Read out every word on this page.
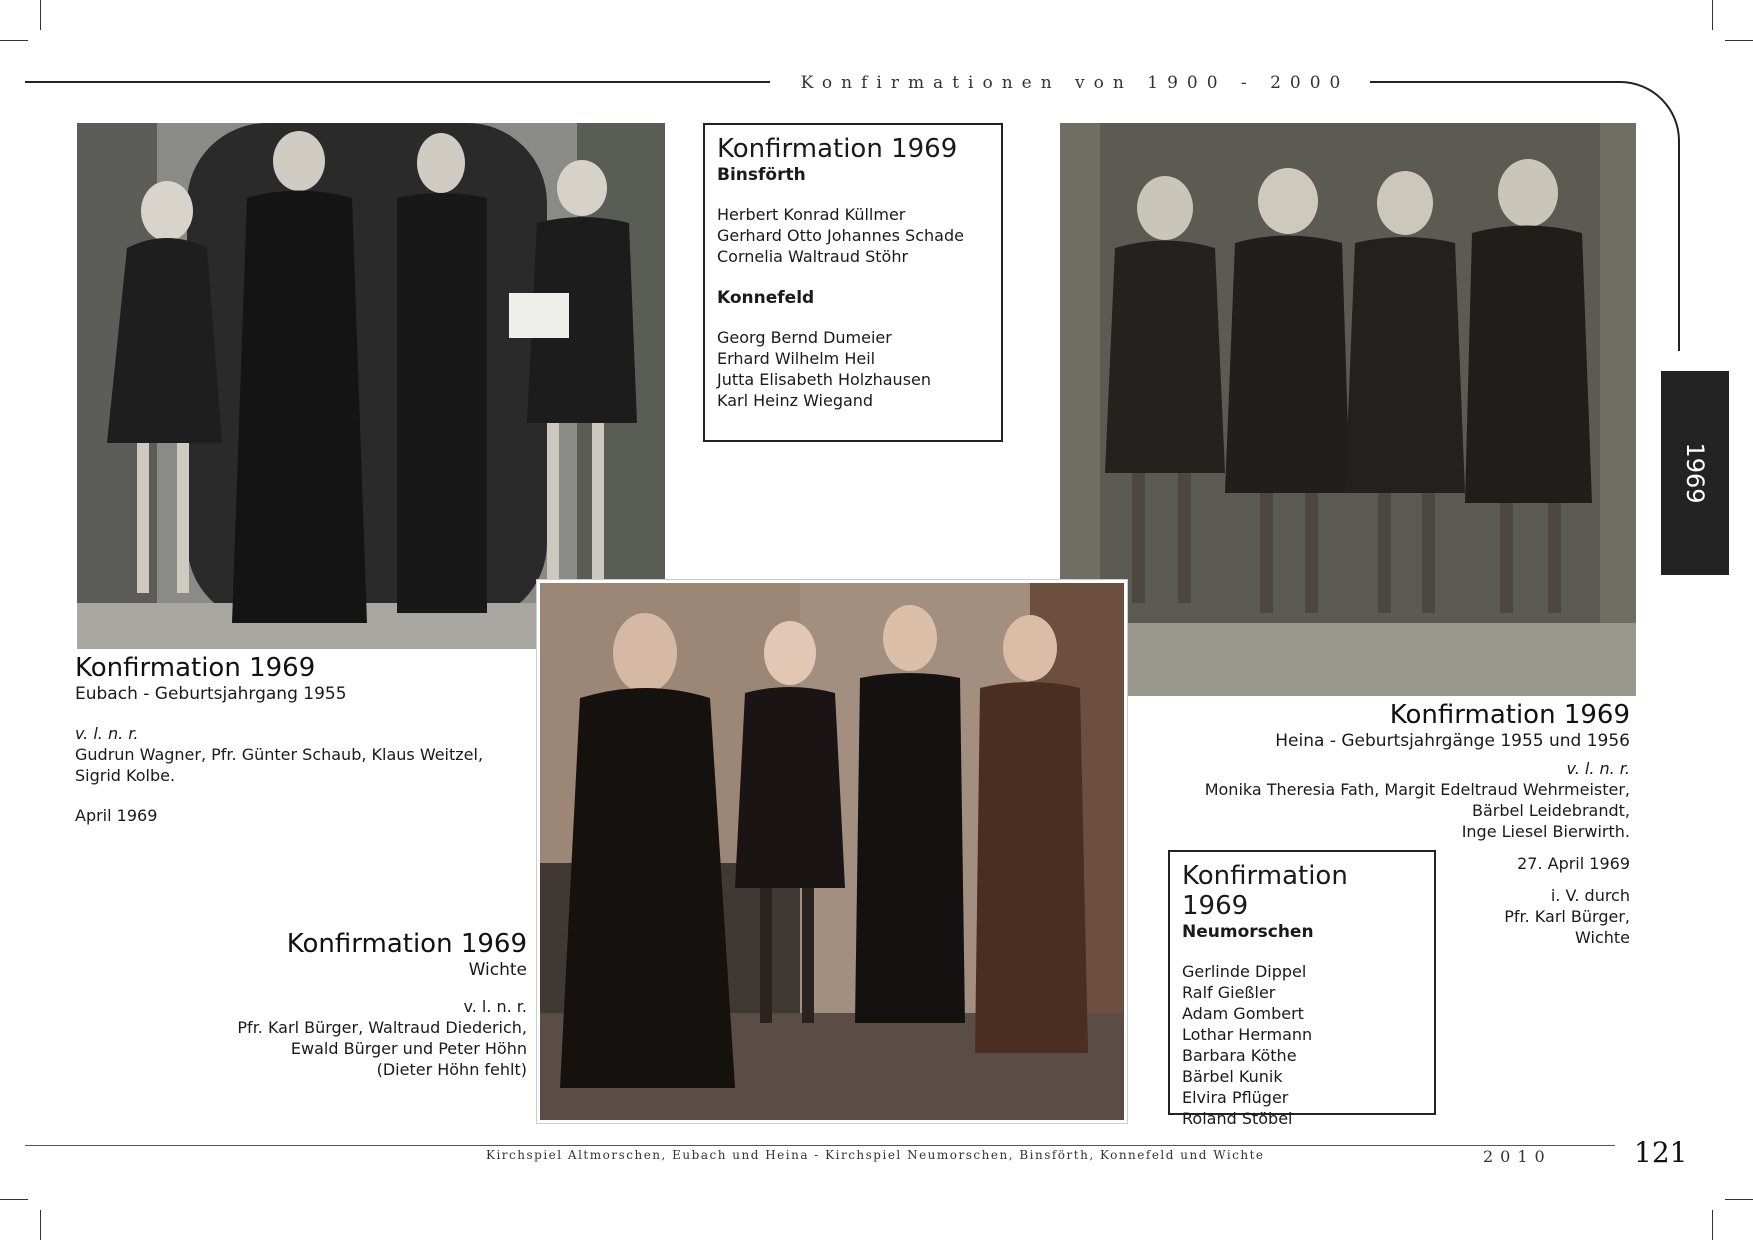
Konfirmationen von 1900 - 2000
1969
Konfirmation 1969
Eubach - Geburtsjahrgang 1955
v. l. n. r.
Gudrun Wagner, Pfr. Günter Schaub, Klaus Weitzel,
Sigrid Kolbe.
April 1969
Konfirmation 1969
Binsförth
Herbert Konrad Küllmer
Gerhard Otto Johannes Schade
Cornelia Waltraud Stöhr
Konnefeld
Georg Bernd Dumeier
Erhard Wilhelm Heil
Jutta Elisabeth Holzhausen
Karl Heinz Wiegand
Konfirmation 1969
Heina - Geburtsjahrgänge 1955 und 1956
v. l. n. r.
Monika Theresia Fath, Margit Edeltraud Wehrmeister,
Bärbel Leidebrandt,
Inge Liesel Bierwirth.
27. April 1969
i. V. durch
Pfr. Karl Bürger,
Wichte
Konfirmation 1969
Wichte
v. l. n. r.
Pfr. Karl Bürger, Waltraud Diederich,
Ewald Bürger und Peter Höhn
(Dieter Höhn fehlt)
Konfirmation 1969
Neumorschen
Gerlinde Dippel
Ralf Gießler
Adam Gombert
Lothar Hermann
Barbara Köthe
Bärbel Kunik
Elvira Pflüger
Roland Stöbel
Kirchspiel Altmorschen, Eubach und Heina - Kirchspiel Neumorschen, Binsförth, Konnefeld und Wichte	2010	121
